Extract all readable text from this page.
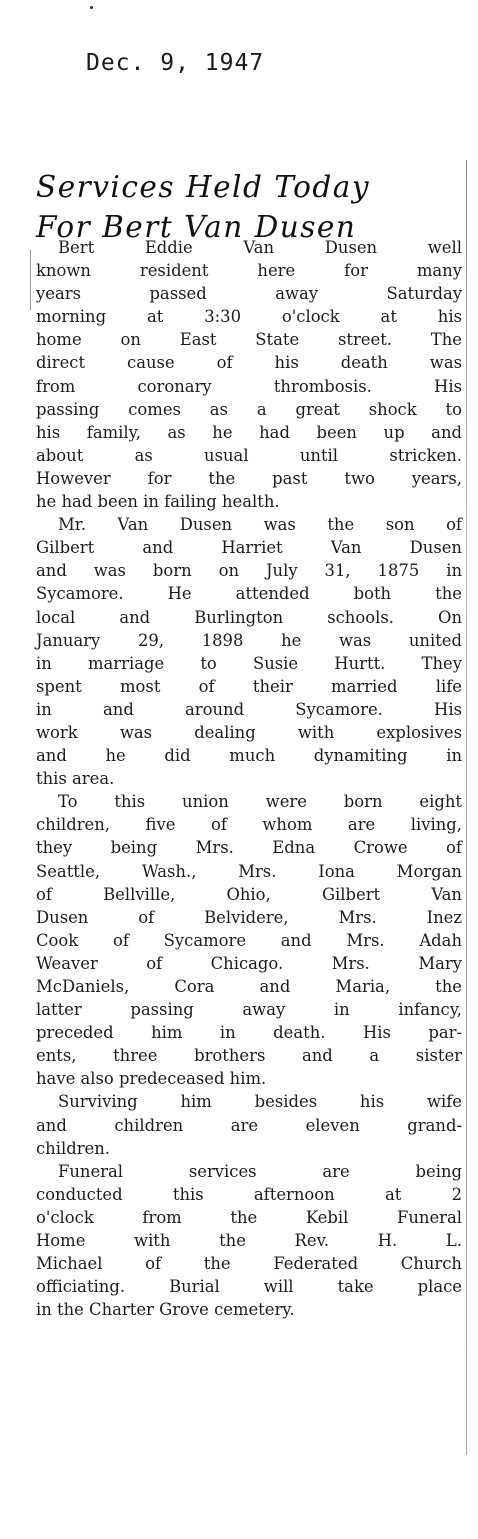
Dec. 9, 1947
Services Held Today
For Bert Van Dusen
Bert Eddie Van Dusen well
known resident here for many
years passed away Saturday
morning at 3:30 o'clock at his
home on East State street. The
direct cause of his death was
from coronary thrombosis. His
passing comes as a great shock to
his family, as he had been up and
about as usual until stricken.
However for the past two years,
he had been in failing health.
Mr. Van Dusen was the son of
Gilbert and Harriet Van Dusen
and was born on July 31, 1875 in
Sycamore. He attended both the
local and Burlington schools. On
January 29, 1898 he was united
in marriage to Susie Hurtt. They
spent most of their married life
in and around Sycamore. His
work was dealing with explosives
and he did much dynamiting in
this area.
To this union were born eight
children, five of whom are living,
they being Mrs. Edna Crowe of
Seattle, Wash., Mrs. Iona Morgan
of Bellville, Ohio, Gilbert Van
Dusen of Belvidere, Mrs. Inez
Cook of Sycamore and Mrs. Adah
Weaver of Chicago. Mrs. Mary
McDaniels, Cora and Maria, the
latter passing away in infancy,
preceded him in death. His par-
ents, three brothers and a sister
have also predeceased him.
Surviving him besides his wife
and children are eleven grand-
children.
Funeral services are being
conducted this afternoon at 2
o'clock from the Kebil Funeral
Home with the Rev. H. L.
Michael of the Federated Church
officiating. Burial will take place
in the Charter Grove cemetery.
